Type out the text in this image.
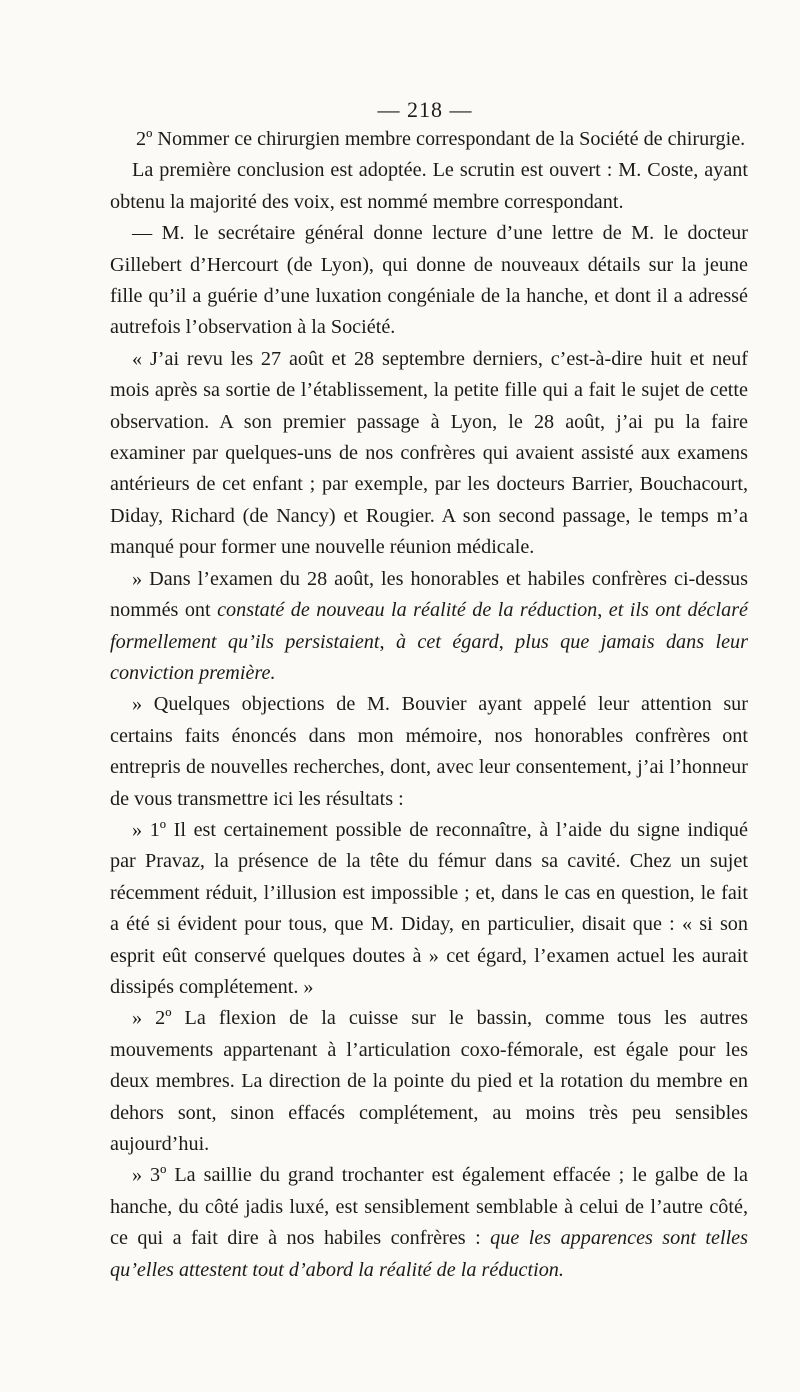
— 218 —

2º Nommer ce chirurgien membre correspondant de la Société de chirurgie.

La première conclusion est adoptée. Le scrutin est ouvert : M. Coste, ayant obtenu la majorité des voix, est nommé membre correspondant.

— M. le secrétaire général donne lecture d’une lettre de M. le docteur Gillebert d’Hercourt (de Lyon), qui donne de nouveaux détails sur la jeune fille qu’il a guérie d’une luxation congéniale de la hanche, et dont il a adressé autrefois l’observation à la Société.

« J’ai revu les 27 août et 28 septembre derniers, c’est-à-dire huit et neuf mois après sa sortie de l’établissement, la petite fille qui a fait le sujet de cette observation. A son premier passage à Lyon, le 28 août, j’ai pu la faire examiner par quelques-uns de nos confrères qui avaient assisté aux examens antérieurs de cet enfant ; par exemple, par les docteurs Barrier, Bouchacourt, Diday, Richard (de Nancy) et Rougier. A son second passage, le temps m’a manqué pour former une nouvelle réunion médicale.

» Dans l’examen du 28 août, les honorables et habiles confrères ci-dessus nommés ont constaté de nouveau la réalité de la réduction, et ils ont déclaré formellement qu’ils persistaient, à cet égard, plus que jamais dans leur conviction première.

» Quelques objections de M. Bouvier ayant appelé leur attention sur certains faits énoncés dans mon mémoire, nos honorables confrères ont entrepris de nouvelles recherches, dont, avec leur consentement, j’ai l’honneur de vous transmettre ici les résultats :

» 1º Il est certainement possible de reconnaître, à l’aide du signe indiqué par Pravaz, la présence de la tête du fémur dans sa cavité. Chez un sujet récemment réduit, l’illusion est impossible ; et, dans le cas en question, le fait a été si évident pour tous, que M. Diday, en particulier, disait que : « si son esprit eût conservé quelques doutes à » cet égard, l’examen actuel les aurait dissipés complétement. »

» 2º La flexion de la cuisse sur le bassin, comme tous les autres mouvements appartenant à l’articulation coxo-fémorale, est égale pour les deux membres. La direction de la pointe du pied et la rotation du membre en dehors sont, sinon effacés complétement, au moins très peu sensibles aujourd’hui.

» 3º La saillie du grand trochanter est également effacée ; le galbe de la hanche, du côté jadis luxé, est sensiblement semblable à celui de l’autre côté, ce qui a fait dire à nos habiles confrères : que les apparences sont telles qu’elles attestent tout d’abord la réalité de la réduction.
